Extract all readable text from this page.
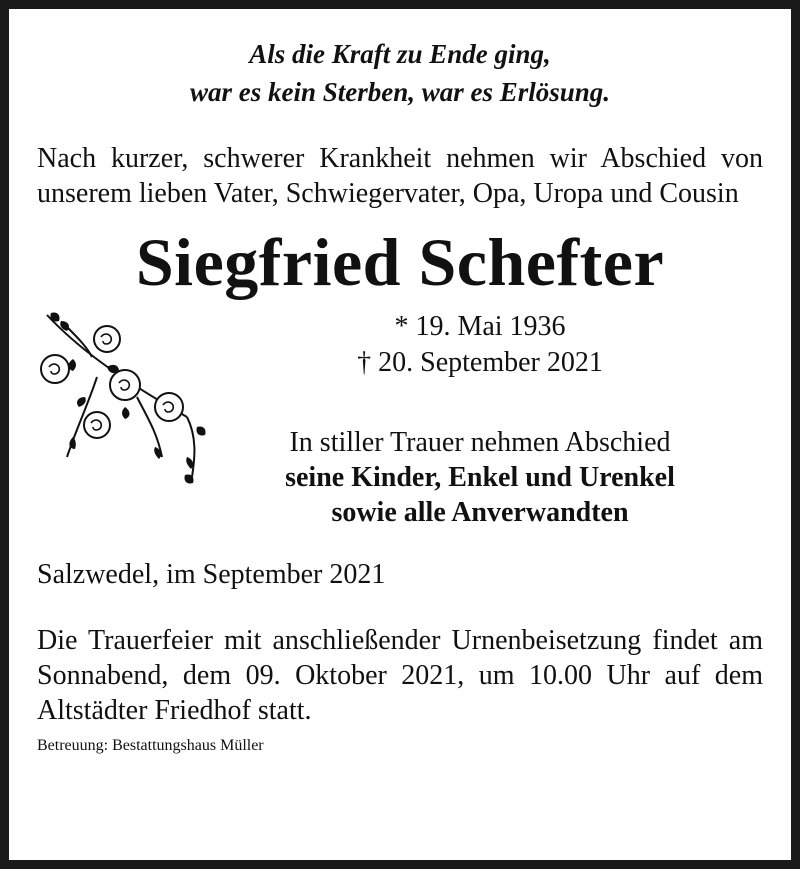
Als die Kraft zu Ende ging,
war es kein Sterben, war es Erlösung.
Nach kurzer, schwerer Krankheit nehmen wir Abschied von unserem lieben Vater, Schwiegervater, Opa, Uropa und Cousin
Siegfried Schefter
* 19. Mai 1936
† 20. September 2021
In stiller Trauer nehmen Abschied
seine Kinder, Enkel und Urenkel
sowie alle Anverwandten
Salzwedel, im September 2021
Die Trauerfeier mit anschließender Urnenbeisetzung findet am Sonnabend, dem 09. Oktober 2021, um 10.00 Uhr auf dem Altstädter Friedhof statt.
Betreuung: Bestattungshaus Müller
